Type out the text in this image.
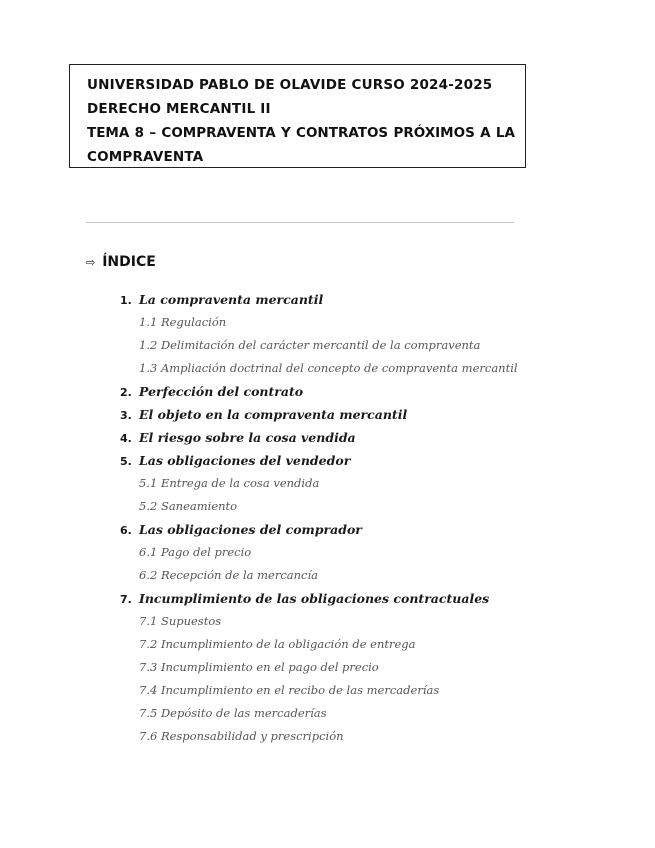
UNIVERSIDAD PABLO DE OLAVIDE CURSO 2024-2025
DERECHO MERCANTIL II
TEMA 8 – COMPRAVENTA Y CONTRATOS PRÓXIMOS A LA
COMPRAVENTA
⇨ ÍNDICE
1. La compraventa mercantil
1.1 Regulación
1.2 Delimitación del carácter mercantil de la compraventa
1.3 Ampliación doctrinal del concepto de compraventa mercantil
2. Perfección del contrato
3. El objeto en la compraventa mercantil
4. El riesgo sobre la cosa vendida
5. Las obligaciones del vendedor
5.1 Entrega de la cosa vendida
5.2 Saneamiento
6. Las obligaciones del comprador
6.1 Pago del precio
6.2 Recepción de la mercancía
7. Incumplimiento de las obligaciones contractuales
7.1 Supuestos
7.2 Incumplimiento de la obligación de entrega
7.3 Incumplimiento en el pago del precio
7.4 Incumplimiento en el recibo de las mercaderías
7.5 Depósito de las mercaderías
7.6 Responsabilidad y prescripción
